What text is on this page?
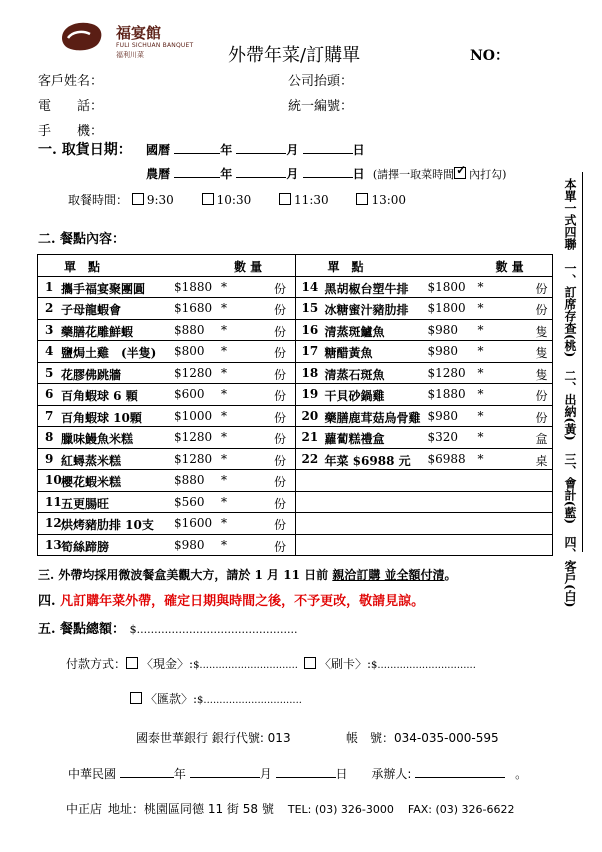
福宴館
FULI SICHUAN BANQUET
福利川菜	外帶年菜/訂購單	NO：
客戶姓名：
電　　話：
手　　機：
公司抬頭：
統一編號：
一. 取貨日期： 國曆	年	月	日
農曆	年	月	日 (請擇一取菜時間 ✓ 內打勾)
取餐時間： 9:30	10:30	11:30	13:00
二. 餐點內容：
單　點 數 量	單　點 數 量

1 攜手福宴聚團圓 $1880 * 份	14 黑胡椒台塑牛排 $1800 * 份

2 子母龍蝦會 $1680 * 份	15 冰糖蜜汁豬肋排 $1800 * 份

3 藥膳花雕鮮蝦 $880 * 份	16 清蒸斑鱸魚 $980 * 隻

4 鹽焗土雞　(半隻) $800 * 份	17 糖醋黃魚 $980 * 隻

5 花膠佛跳牆 $1280 * 份	18 清蒸石斑魚 $1280 * 隻

6 百角蝦球 6 顆 $600 * 份	19 干貝砂鍋雞 $1880 * 份

7 百角蝦球 10顆 $1000 * 份	20 藥膳鹿茸菇烏骨雞 $980 * 份

8 臘味鰻魚米糕 $1280 * 份	21 蘿蔔糕禮盒 $320 * 盒

9 紅蟳蒸米糕 $1280 * 份	22 年菜 $6988 元 $6988 * 桌

10 櫻花蝦米糕 $880 * 份	

11 五更腸旺 $560 * 份	

12 烘烤豬肋排 10支 $1600 * 份	

13 筍絲蹄膀 $980 * 份	
		本單一式四聯　一、訂席存查(桃)　二、出納(黃)　三、會計(藍)　四、客戶(白)
三. 外帶均採用微波餐盒美觀大方，請於 1 月 11 日前 親洽訂購 並全額付清。
四. 凡訂購年菜外帶，確定日期與時間之後，不予更改，敬請見諒。
五. 餐點總額： $..............................................
付款方式： 〈現金〉:$............................... 〈刷卡〉:$...............................
〈匯款〉:$...............................
國泰世華銀行 銀行代號: 013	帳　號：034-035-000-595
中華民國	年	月	日 承辦人:	。
中正店 地址：桃園區同德 11 街 58 號 TEL: (03) 326-3000 FAX: (03) 326-6622
